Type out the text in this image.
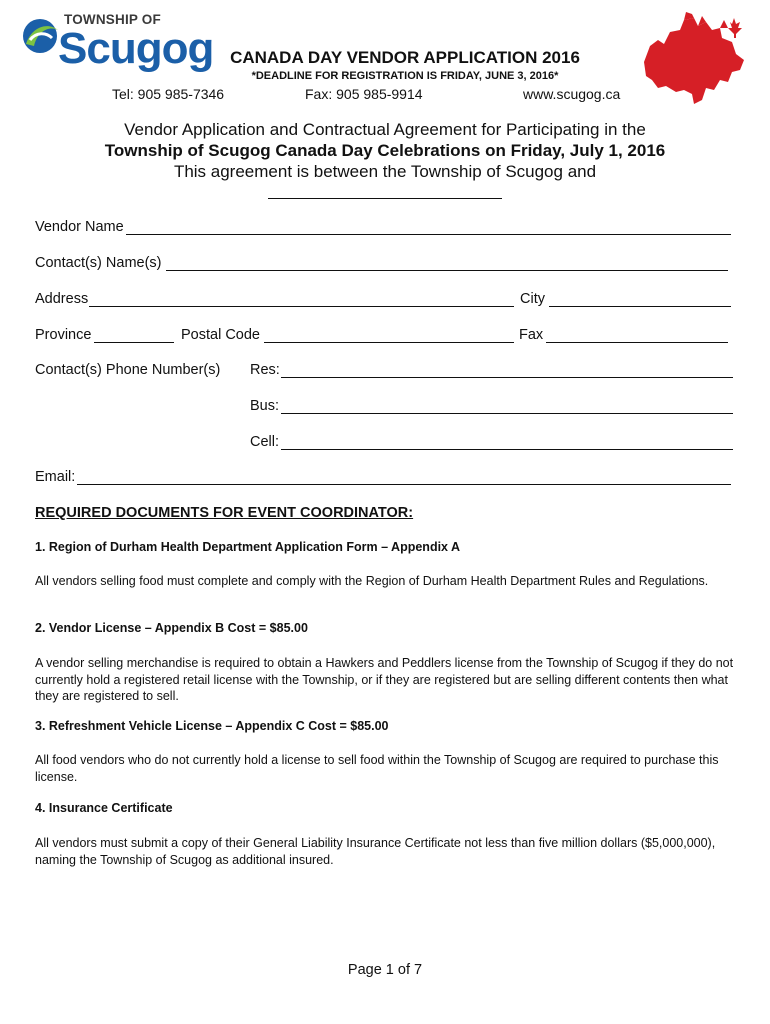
TOWNSHIP OF
Scugog CANADA DAY VENDOR APPLICATION 2016
*DEADLINE FOR REGISTRATION IS FRIDAY, JUNE 3, 2016*
Tel: 905 985-7346	Fax: 905 985-9914	www.scugog.ca
Vendor Application and Contractual Agreement for Participating in the
Township of Scugog Canada Day Celebrations on Friday, July 1, 2016
This agreement is between the Township of Scugog and
Vendor Name
Contact(s) Name(s)
Address	City
Province	Postal Code	Fax
Contact(s) Phone Number(s) Res:
Bus:
Cell:
Email:
REQUIRED DOCUMENTS FOR EVENT COORDINATOR:
1. Region of Durham Health Department Application Form – Appendix A
All vendors selling food must complete and comply with the Region of Durham Health Department Rules and Regulations.
2. Vendor License – Appendix B Cost = $85.00
A vendor selling merchandise is required to obtain a Hawkers and Peddlers license from the Township of Scugog if they do not currently hold a registered retail license with the Township, or if they are registered but are selling different contents then what they are registered to sell.
3. Refreshment Vehicle License – Appendix C Cost = $85.00
All food vendors who do not currently hold a license to sell food within the Township of Scugog are required to purchase this license.
4. Insurance Certificate
All vendors must submit a copy of their General Liability Insurance Certificate not less than five million dollars ($5,000,000), naming the Township of Scugog as additional insured.
Page 1 of 7
